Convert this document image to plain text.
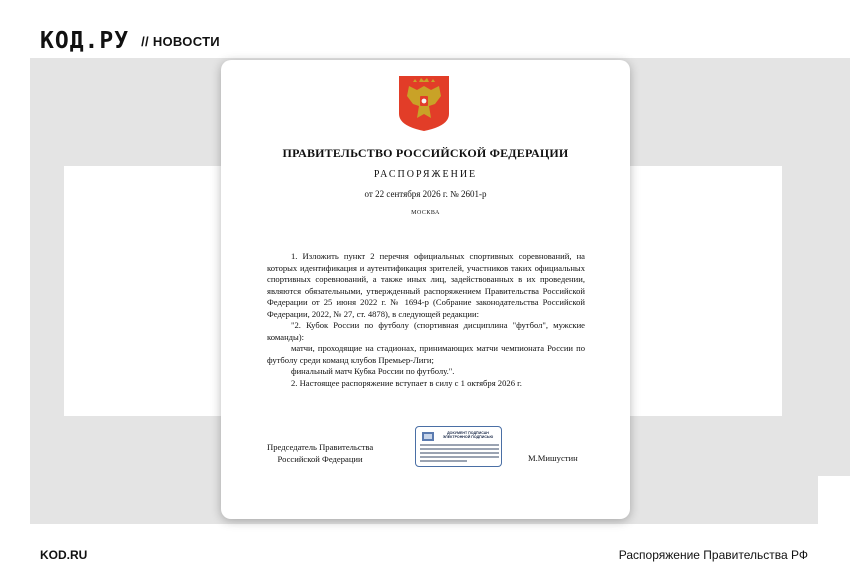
КОД.РУ // НОВОСТИ
ПРАВИТЕЛЬСТВО РОССИЙСКОЙ ФЕДЕРАЦИИ
РАСПОРЯЖЕНИЕ
от 22 сентября 2026 г. № 2601-р
МОСКВА

1. Изложить пункт 2 перечня официальных спортивных соревнований, на которых идентификация и аутентификация зрителей, участников таких официальных спортивных соревнований, а также иных лиц, задействованных в их проведении, являются обязательными, утвержденный распоряжением Правительства Российской Федерации от 25 июня 2022 г. № 1694-р (Собрание законодательства Российской Федерации, 2022, № 27, ст. 4878), в следующей редакции:

"2. Кубок России по футболу (спортивная дисциплина "футбол", мужские команды):

матчи, проходящие на стадионах, принимающих матчи чемпионата России по футболу среди команд клубов Премьер-Лиги;

финальный матч Кубка России по футболу.".

2. Настоящее распоряжение вступает в силу с 1 октября 2026 г.

Председатель Правительства
Российской Федерации
ДОКУМЕНТ ПОДПИСАН
ЭЛЕКТРОННОЙ ПОДПИСЬЮ
М.Мишустин
KOD.RU	Распоряжение Правительства РФ
